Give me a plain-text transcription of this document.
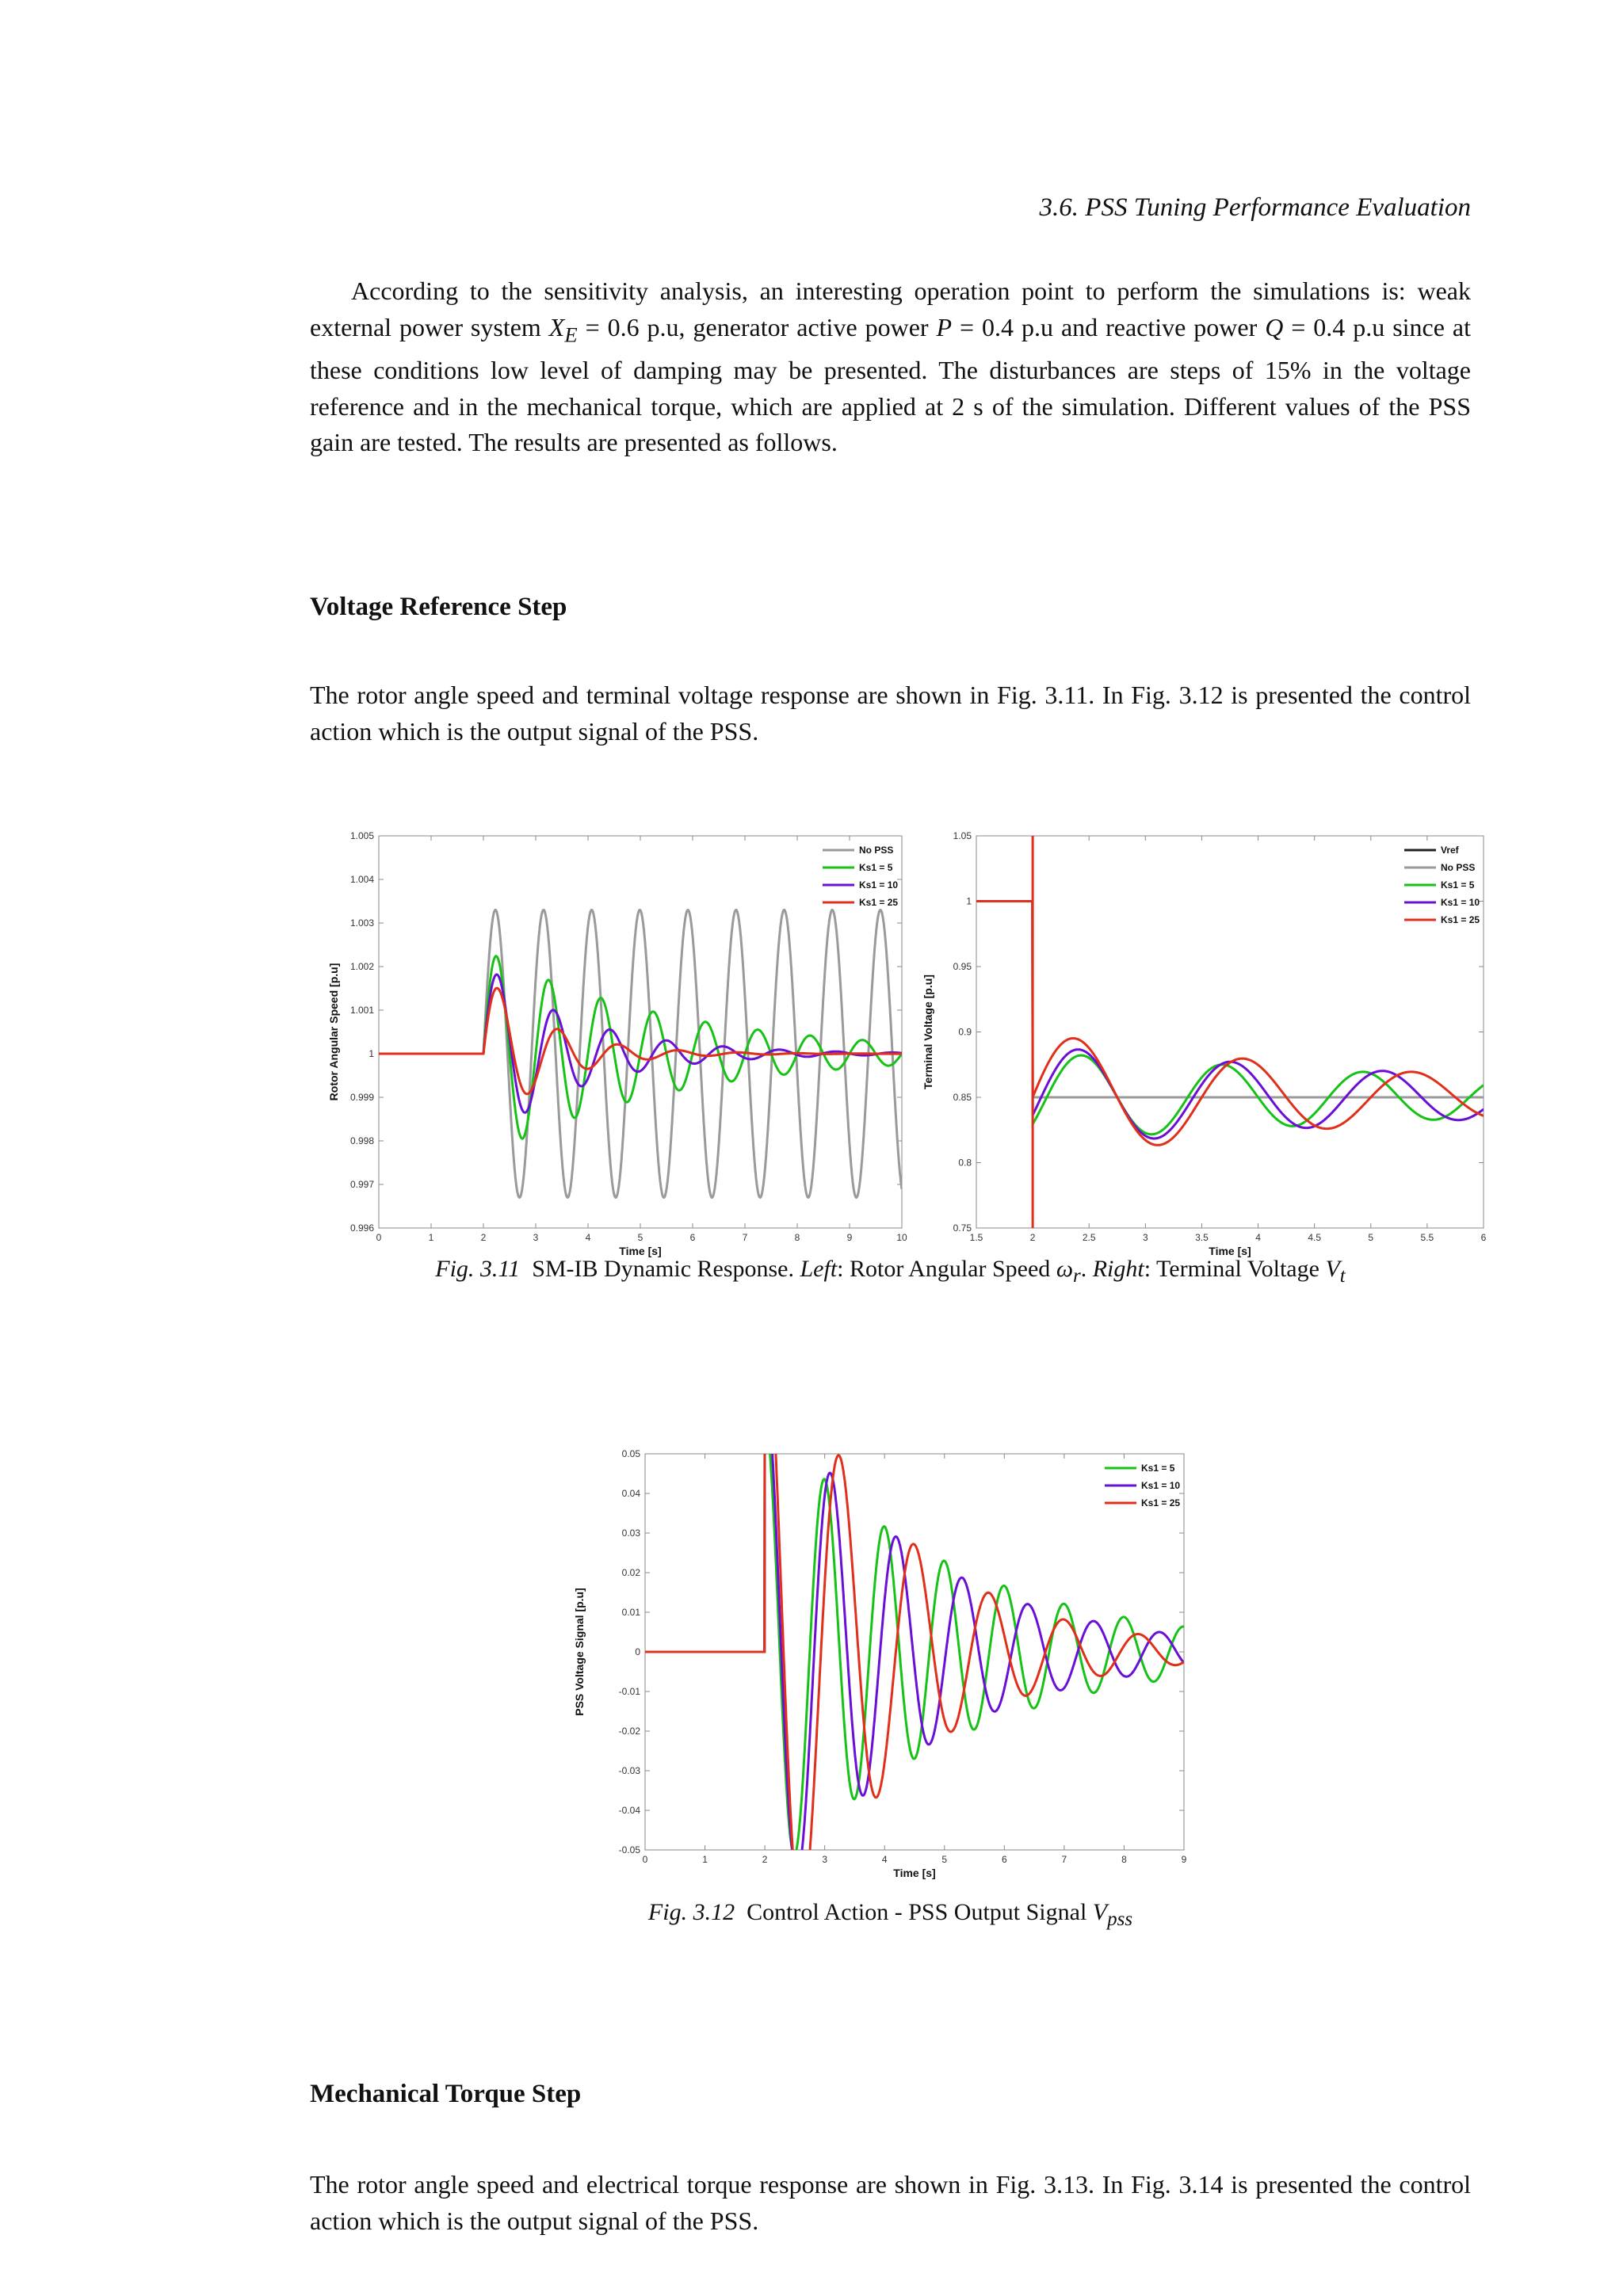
3.6. PSS Tuning Performance Evaluation

According to the sensitivity analysis, an interesting operation point to perform the simulations is: weak external power system $X_E = 0.6$ p.u, generator active power P = 0.4 p.u and reactive power Q = 0.4 p.u since at these conditions low level of damping may be presented. The disturbances are steps of 15% in the voltage reference and in the mechanical torque, which are applied at 2 s of the simulation. Different values of the PSS gain are tested. The results are presented as follows.

Voltage Reference Step

The rotor angle speed and terminal voltage response are shown in Fig. 3.11. In Fig. 3.12 is presented the control action which is the output signal of the PSS.

0	1	2	3	4	5	6	7	8	9	10
0.996
0.997
0.998
0.999
1
1.001
1.002
1.003
1.004
1.005
Time [s]
Rotor Angular Speed [p.u]
No PSS
Ks1 = 5
Ks1 = 10
Ks1 = 25
1.5	2	2.5	3	3.5	4	4.5	5	5.5	6
0.75
0.8
0.85
0.9
0.95
1
1.05
Time [s]
Terminal Voltage [p.u]
Vref
No PSS
Ks1 = 5
Ks1 = 10
Ks1 = 25
Fig. 3.11 SM-IB Dynamic Response. Left: Rotor Angular Speed $\omega_r$. Right: Terminal Voltage $V_t$
0	1	2	3	4	5	6	7	8	9
-0.05
-0.04
-0.03
-0.02
-0.01
0
0.01
0.02
0.03
0.04
0.05
Time [s]
PSS Voltage Signal [p.u]
Ks1 = 5
Ks1 = 10
Ks1 = 25
Fig. 3.12 Control Action - PSS Output Signal $V_{pss}$
Mechanical Torque Step

The rotor angle speed and electrical torque response are shown in Fig. 3.13. In Fig. 3.14 is presented the control action which is the output signal of the PSS.
